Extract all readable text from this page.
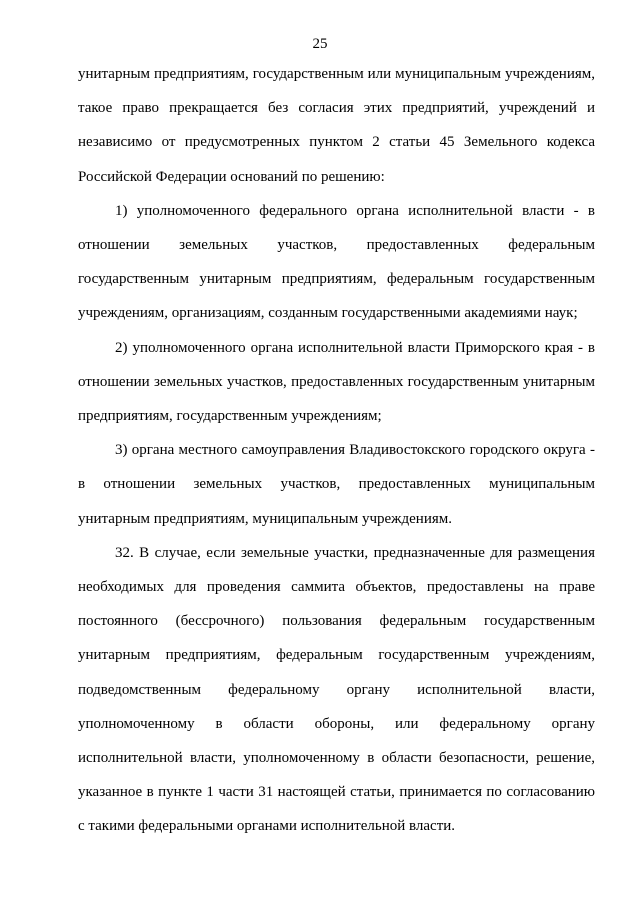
25

унитарным предприятиям, государственным или муниципальным учреждениям, такое право прекращается без согласия этих предприятий, учреждений и независимо от предусмотренных пунктом 2 статьи 45 Земельного кодекса Российской Федерации оснований по решению:

1) уполномоченного федерального органа исполнительной власти - в отношении земельных участков, предоставленных федеральным государственным унитарным предприятиям, федеральным государственным учреждениям, организациям, созданным государственными академиями наук;

2) уполномоченного органа исполнительной власти Приморского края - в отношении земельных участков, предоставленных государственным унитарным предприятиям, государственным учреждениям;

3) органа местного самоуправления Владивостокского городского округа - в отношении земельных участков, предоставленных муниципальным унитарным предприятиям, муниципальным учреждениям.

32. В случае, если земельные участки, предназначенные для размещения необходимых для проведения саммита объектов, предоставлены на праве постоянного (бессрочного) пользования федеральным государственным унитарным предприятиям, федеральным государственным учреждениям, подведомственным федеральному органу исполнительной власти, уполномоченному в области обороны, или федеральному органу исполнительной власти, уполномоченному в области безопасности, решение, указанное в пункте 1 части 31 настоящей статьи, принимается по согласованию с такими федеральными органами исполнительной власти.
